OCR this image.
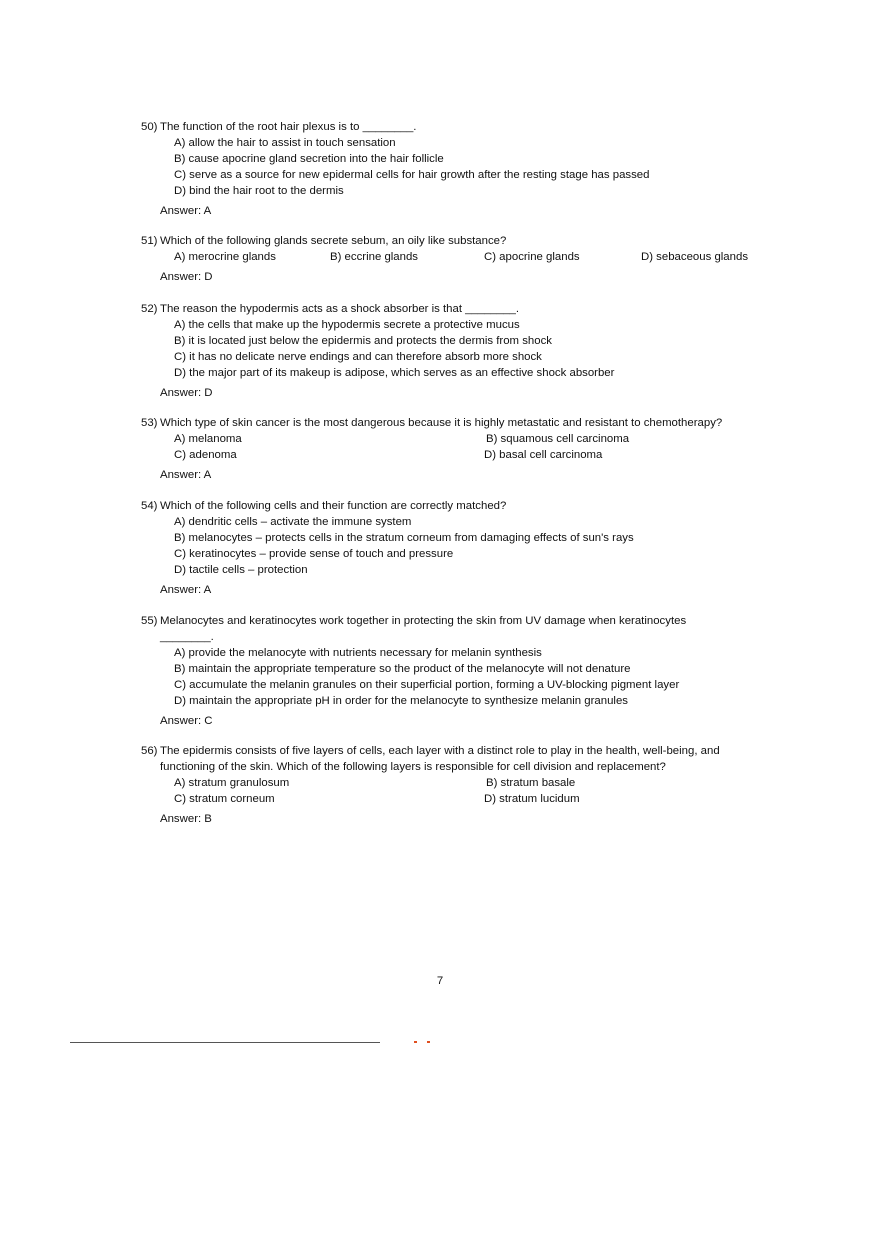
50) The function of the root hair plexus is to ________.
A) allow the hair to assist in touch sensation
B) cause apocrine gland secretion into the hair follicle
C) serve as a source for new epidermal cells for hair growth after the resting stage has passed
D) bind the hair root to the dermis
Answer: A
51) Which of the following glands secrete sebum, an oily like substance?
A) merocrine glands	B) eccrine glands	C) apocrine glands	D) sebaceous glands
Answer: D
52) The reason the hypodermis acts as a shock absorber is that ________.
A) the cells that make up the hypodermis secrete a protective mucus
B) it is located just below the epidermis and protects the dermis from shock
C) it has no delicate nerve endings and can therefore absorb more shock
D) the major part of its makeup is adipose, which serves as an effective shock absorber
Answer: D
53) Which type of skin cancer is the most dangerous because it is highly metastatic and resistant to chemotherapy?
A) melanoma	B) squamous cell carcinoma
C) adenoma	D) basal cell carcinoma
Answer: A
54) Which of the following cells and their function are correctly matched?
A) dendritic cells – activate the immune system
B) melanocytes – protects cells in the stratum corneum from damaging effects of sun's rays
C) keratinocytes – provide sense of touch and pressure
D) tactile cells – protection
Answer: A
55) Melanocytes and keratinocytes work together in protecting the skin from UV damage when keratinocytes
________.
A) provide the melanocyte with nutrients necessary for melanin synthesis
B) maintain the appropriate temperature so the product of the melanocyte will not denature
C) accumulate the melanin granules on their superficial portion, forming a UV-blocking pigment layer
D) maintain the appropriate pH in order for the melanocyte to synthesize melanin granules
Answer: C
56) The epidermis consists of five layers of cells, each layer with a distinct role to play in the health, well-being, and
functioning of the skin. Which of the following layers is responsible for cell division and replacement?
A) stratum granulosum	B) stratum basale
C) stratum corneum	D) stratum lucidum
Answer: B
7
